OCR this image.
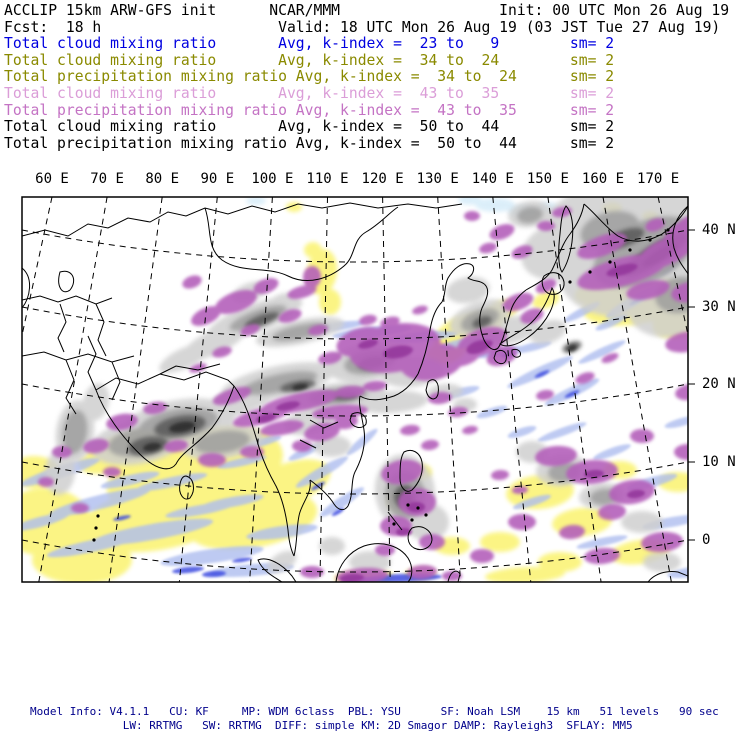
ACCLIP 15km ARW-GFS init      NCAR/MMM                  Init: 00 UTC Mon 26 Aug 19
Fcst:  18 h                    Valid: 18 UTC Mon 26 Aug 19 (03 JST Tue 27 Aug 19)
Total cloud mixing ratio       Avg, k-index =  23 to   9        sm= 2
Total cloud mixing ratio       Avg, k-index =  34 to  24        sm= 2
Total precipitation mixing ratio Avg, k-index =  34 to  24      sm= 2
Total cloud mixing ratio       Avg, k-index =  43 to  35        sm= 2
Total precipitation mixing ratio Avg, k-index =  43 to  35      sm= 2
Total cloud mixing ratio       Avg, k-index =  50 to  44        sm= 2
Total precipitation mixing ratio Avg, k-index =  50 to  44      sm= 2
60 E 70 E 80 E 90 E 100 E 110 E 120 E 130 E 140 E 150 E 160 E 170 E
40 N
30 N
20 N
10 N
0
Model Info: V4.1.1   CU: KF     MP: WDM 6class  PBL: YSU      SF: Noah LSM    15 km   51 levels   90 sec
LW: RRTMG   SW: RRTMG  DIFF: simple KM: 2D Smagor DAMP: Rayleigh3  SFLAY: MM5
